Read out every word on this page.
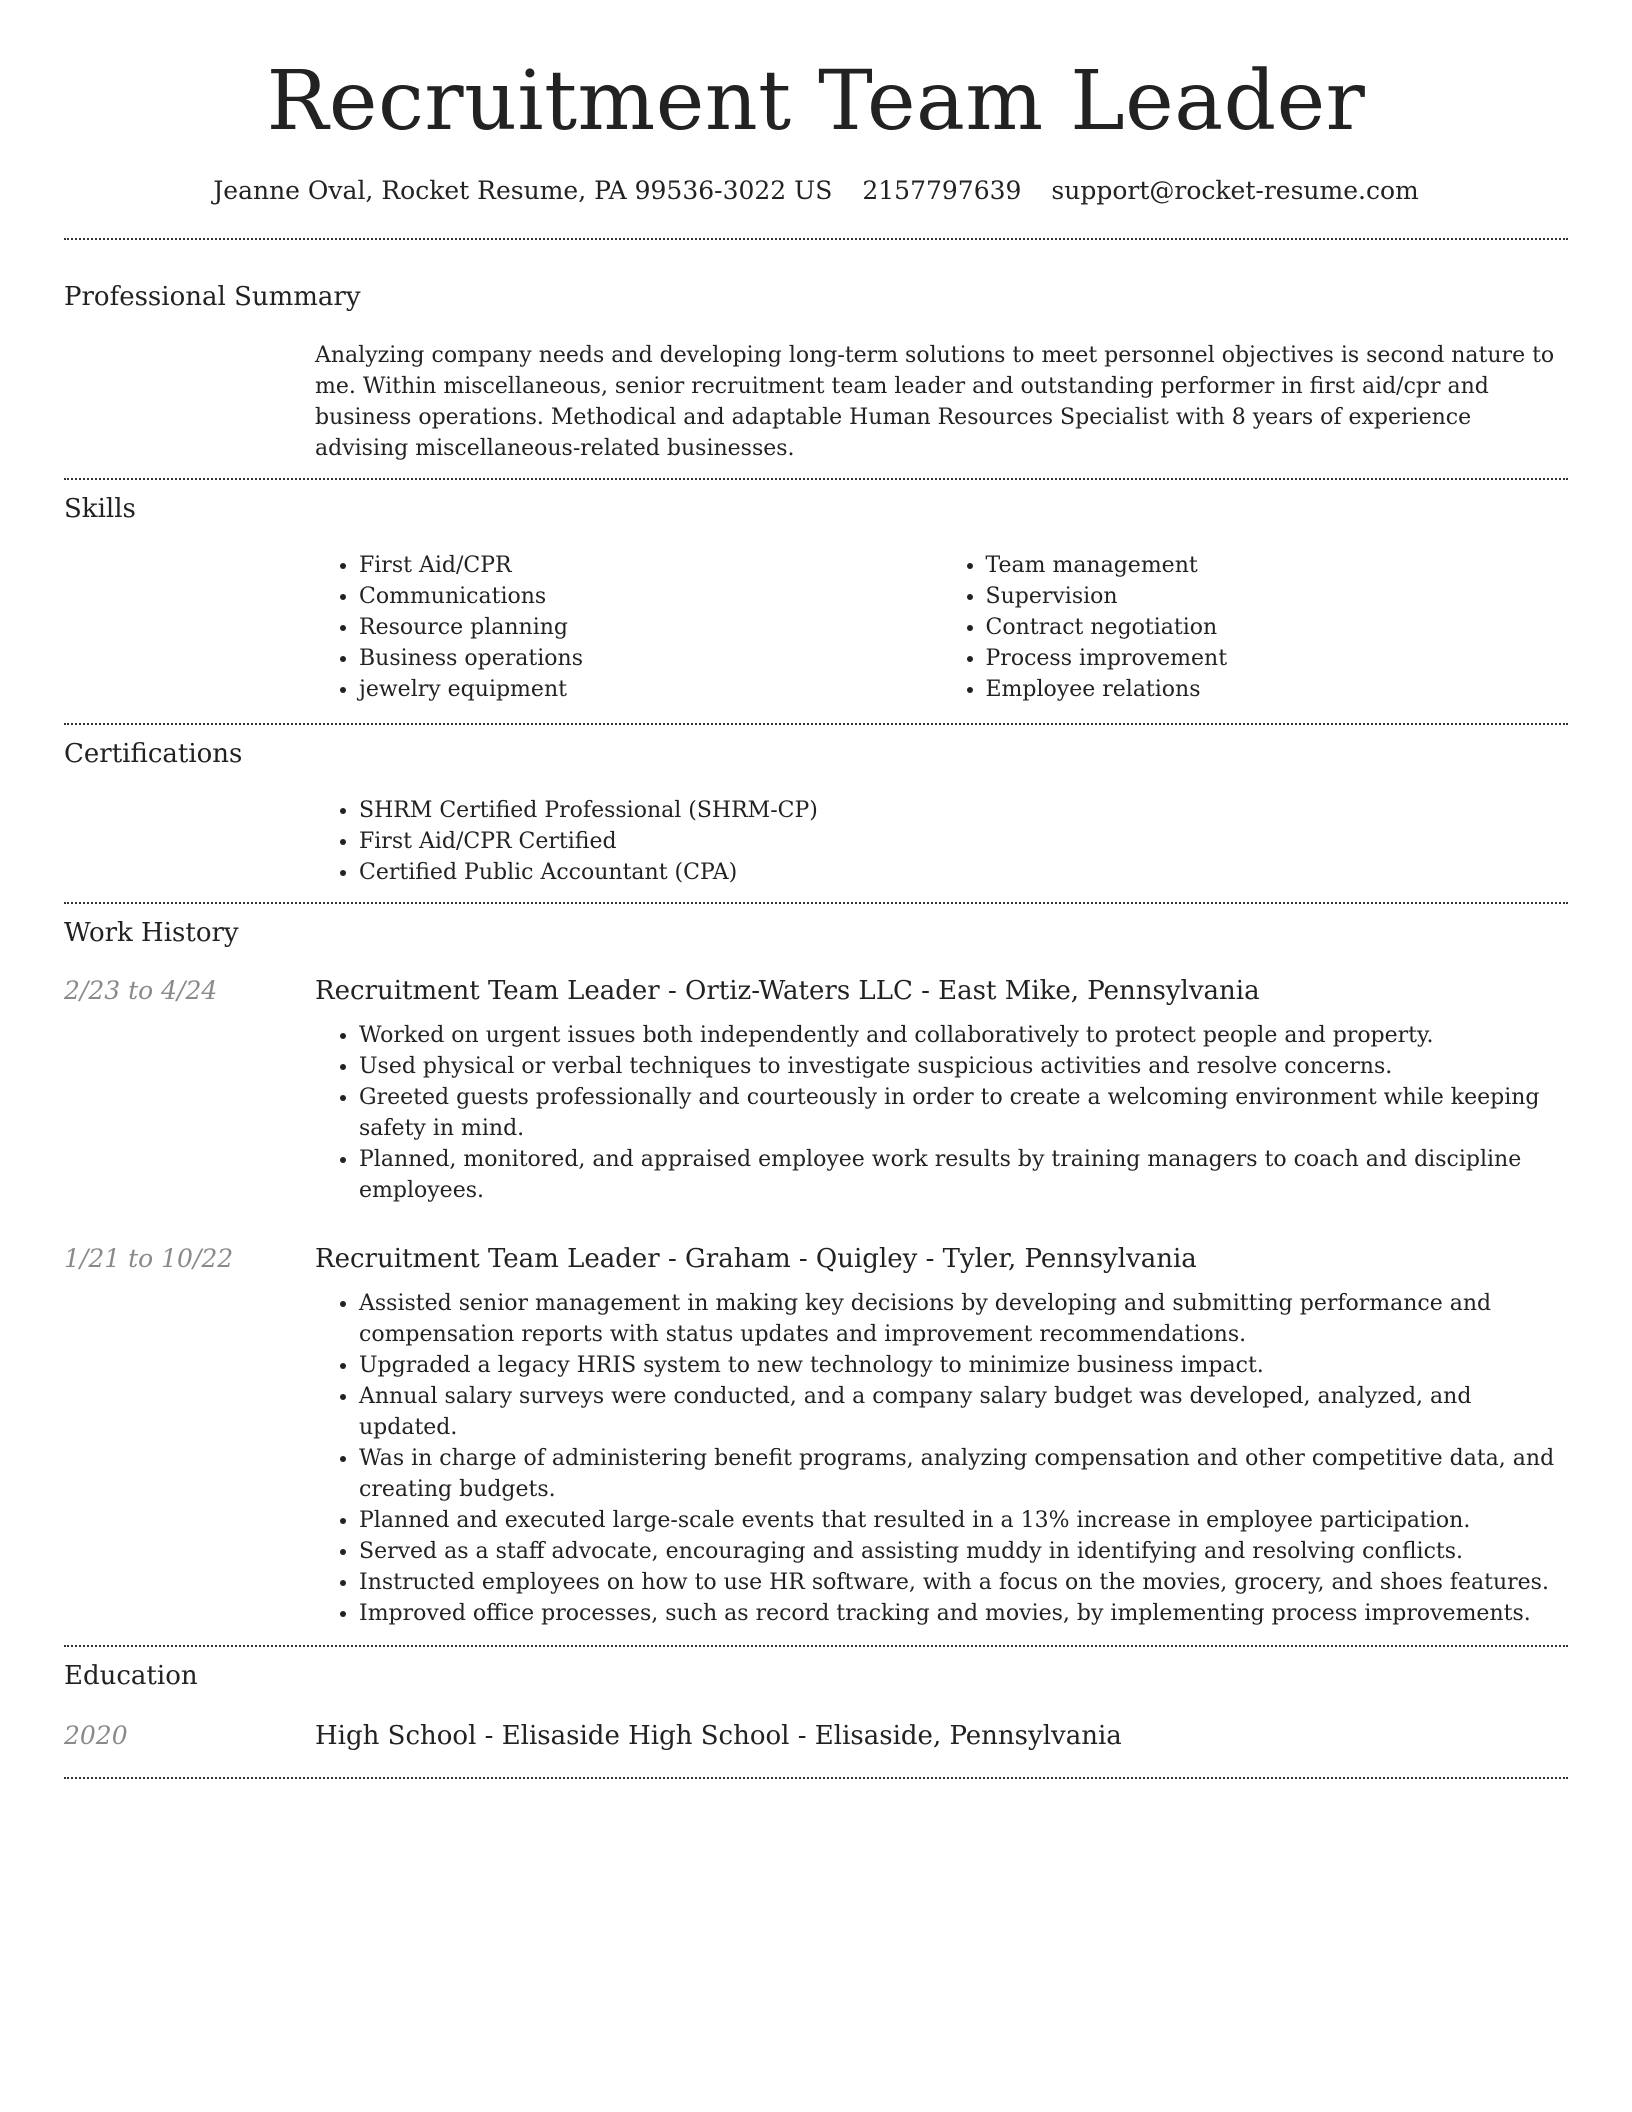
Recruitment Team Leader
Jeanne Oval, Rocket Resume, PA 99536-3022 US 2157797639 support@rocket-resume.com
Professional Summary

Analyzing company needs and developing long-term solutions to meet personnel objectives is second nature to me. Within miscellaneous, senior recruitment team leader and outstanding performer in first aid/cpr and business operations. Methodical and adaptable Human Resources Specialist with 8 years of experience advising miscellaneous-related businesses.

Skills
• First Aid/CPR
• Communications
• Resource planning
• Business operations
• jewelry equipment
• Team management
• Supervision
• Contract negotiation
• Process improvement
• Employee relations
Certifications
• SHRM Certified Professional (SHRM-CP)
• First Aid/CPR Certified
• Certified Public Accountant (CPA)
Work History
2/23 to 4/24	Recruitment Team Leader - Ortiz-Waters LLC - East Mike, Pennsylvania
• Worked on urgent issues both independently and collaboratively to protect people and property.
• Used physical or verbal techniques to investigate suspicious activities and resolve concerns.
• Greeted guests professionally and courteously in order to create a welcoming environment while keeping safety in mind.
• Planned, monitored, and appraised employee work results by training managers to coach and discipline employees.
1/21 to 10/22	Recruitment Team Leader - Graham - Quigley - Tyler, Pennsylvania
• Assisted senior management in making key decisions by developing and submitting performance and compensation reports with status updates and improvement recommendations.
• Upgraded a legacy HRIS system to new technology to minimize business impact.
• Annual salary surveys were conducted, and a company salary budget was developed, analyzed, and updated.
• Was in charge of administering benefit programs, analyzing compensation and other competitive data, and creating budgets.
• Planned and executed large-scale events that resulted in a 13% increase in employee participation.
• Served as a staff advocate, encouraging and assisting muddy in identifying and resolving conflicts.
• Instructed employees on how to use HR software, with a focus on the movies, grocery, and shoes features.
• Improved office processes, such as record tracking and movies, by implementing process improvements.
Education
2020	High School - Elisaside High School - Elisaside, Pennsylvania
